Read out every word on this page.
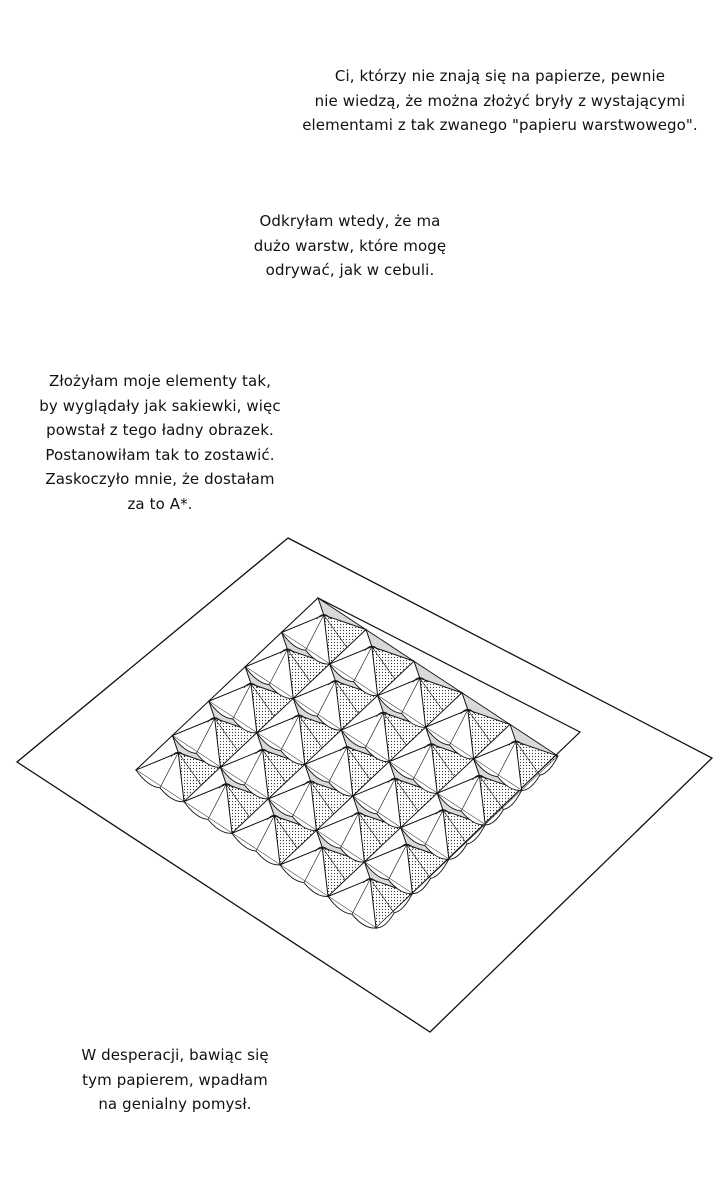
Ci, którzy nie znają się na papierze, pewnie
nie wiedzą, że można złożyć bryły z wystającymi
elementami z tak zwanego "papieru warstwowego".
Odkryłam wtedy, że ma
dużo warstw, które mogę
odrywać, jak w cebuli.
Złożyłam moje elementy tak,
by wyglądały jak sakiewki, więc
powstał z tego ładny obrazek.
Postanowiłam tak to zostawić.
Zaskoczyło mnie, że dostałam
za to A*.
W desperacji, bawiąc się
tym papierem, wpadłam
na genialny pomysł.
